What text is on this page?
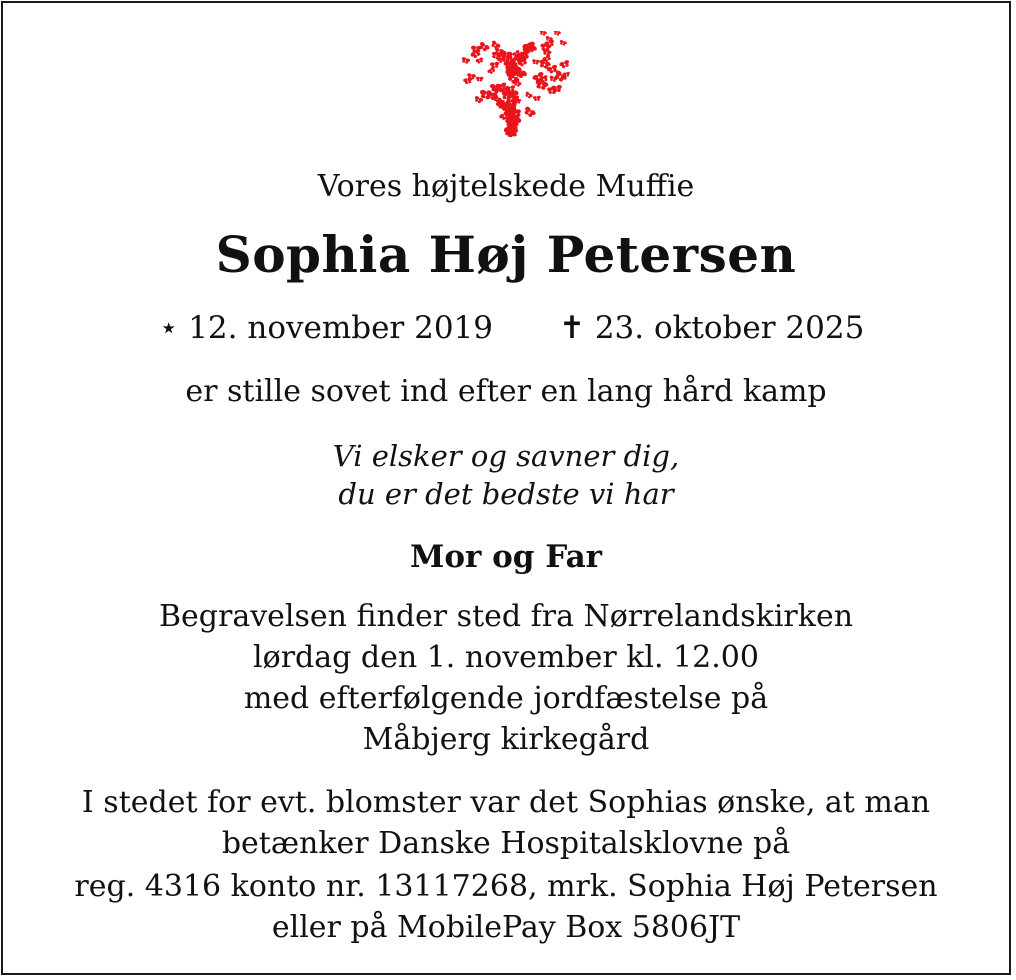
Vores højtelskede Muffie
Sophia Høj Petersen
⋆ 12. november 2019 ✝ 23. oktober 2025
er stille sovet ind efter en lang hård kamp
Vi elsker og savner dig,
du er det bedste vi har
Mor og Far
Begravelsen finder sted fra Nørrelandskirken
lørdag den 1. november kl. 12.00
med efterfølgende jordfæstelse på
Måbjerg kirkegård
I stedet for evt. blomster var det Sophias ønske, at man
betænker Danske Hospitalsklovne på
reg. 4316 konto nr. 13117268, mrk. Sophia Høj Petersen
eller på MobilePay Box 5806JT
